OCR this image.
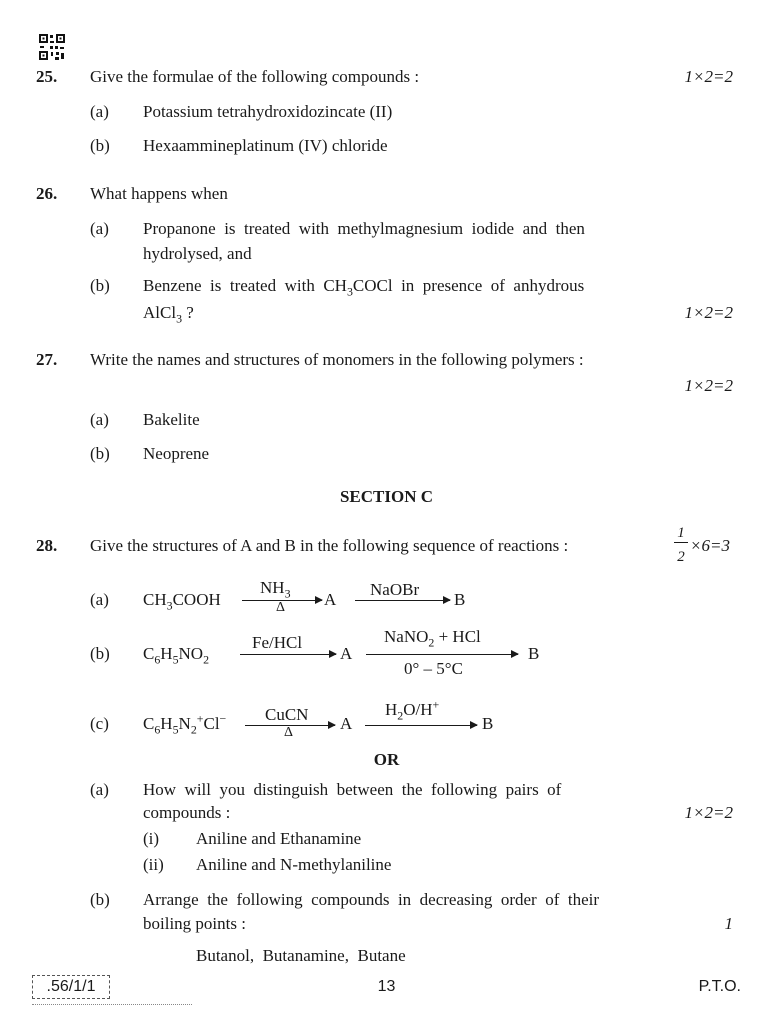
25. Give the formulae of the following compounds :	1×2=2
(a) Potassium tetrahydroxidozincate (II)
(b) Hexaammineplatinum (IV) chloride
26. What happens when
(a) Propanone  is  treated  with  methylmagnesium  iodide  and  then
hydrolysed, and
(b) Benzene  is  treated  with  $CH_3COCl$  in  presence  of  anhydrous
AlCl$_3$ ?	1×2=2
27. Write the names and structures of monomers in the following polymers :
1×2=2
(a) Bakelite
(b) Neoprene
SECTION C
28. Give the structures of A and B in the following sequence of reactions :
1
2
×6=3
(a) $CH_3COOH$
$NH_3$
Δ A
NaOBr
B
(b) $C_6H_5NO_2$
Fe/HCl
A
NaNO$_2$ + HCl
0° – 5°C
B
(c) $C_6H_5N_2^+Cl^-$ CuCN
Δ	A
$H_2O/H^+$
B
OR
(a) How  will  you  distinguish  between  the  following  pairs  of
compounds :	1×2=2
(i) Aniline and Ethanamine
(ii) Aniline and N-methylaniline
(b) Arrange  the  following  compounds  in  decreasing  order  of  their
boiling points :	1
Butanol,  Butanamine,  Butane
.56/1/1	13	P.T.O.
